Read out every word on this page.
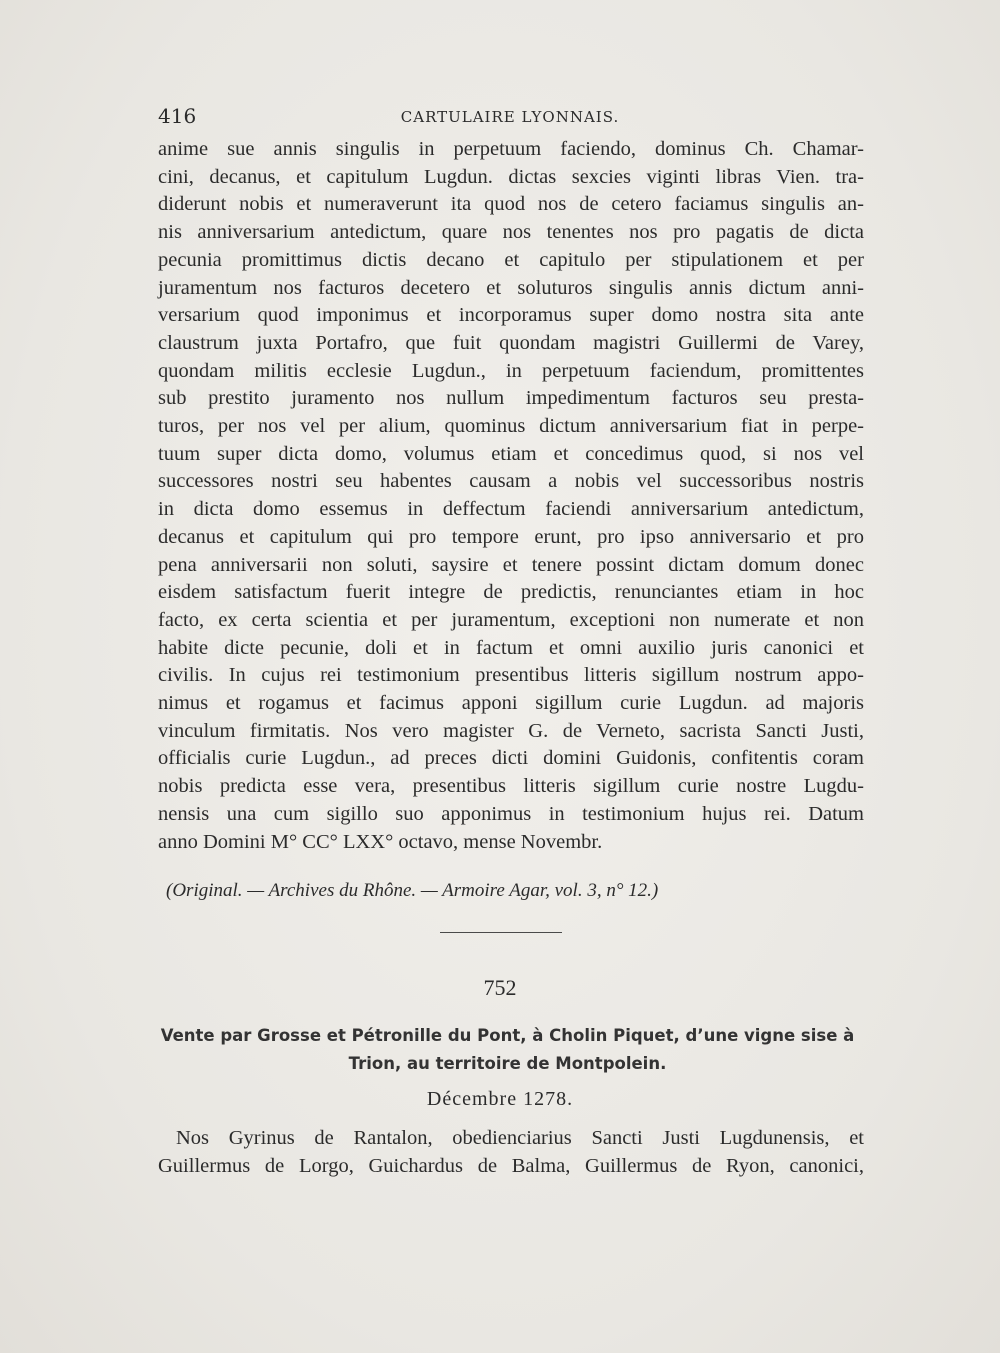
416	CARTULAIRE LYONNAIS.
anime sue annis singulis in perpetuum faciendo, dominus Ch. Chamar-
cini, decanus, et capitulum Lugdun. dictas sexcies viginti libras Vien. tra-
diderunt nobis et numeraverunt ita quod nos de cetero faciamus singulis an-
nis anniversarium antedictum, quare nos tenentes nos pro pagatis de dicta
pecunia promittimus dictis decano et capitulo per stipulationem et per
juramentum nos facturos decetero et soluturos singulis annis dictum anni-
versarium quod imponimus et incorporamus super domo nostra sita ante
claustrum juxta Portafro, que fuit quondam magistri Guillermi de Varey,
quondam militis ecclesie Lugdun., in perpetuum faciendum, promittentes
sub prestito juramento nos nullum impedimentum facturos seu presta-
turos, per nos vel per alium, quominus dictum anniversarium fiat in perpe-
tuum super dicta domo, volumus etiam et concedimus quod, si nos vel
successores nostri seu habentes causam a nobis vel successoribus nostris
in dicta domo essemus in deffectum faciendi anniversarium antedictum,
decanus et capitulum qui pro tempore erunt, pro ipso anniversario et pro
pena anniversarii non soluti, saysire et tenere possint dictam domum donec
eisdem satisfactum fuerit integre de predictis, renunciantes etiam in hoc
facto, ex certa scientia et per juramentum, exceptioni non numerate et non
habite dicte pecunie, doli et in factum et omni auxilio juris canonici et
civilis. In cujus rei testimonium presentibus litteris sigillum nostrum appo-
nimus et rogamus et facimus apponi sigillum curie Lugdun. ad majoris
vinculum firmitatis. Nos vero magister G. de Verneto, sacrista Sancti Justi,
officialis curie Lugdun., ad preces dicti domini Guidonis, confitentis coram
nobis predicta esse vera, presentibus litteris sigillum curie nostre Lugdu-
nensis una cum sigillo suo apponimus in testimonium hujus rei. Datum
anno Domini M° CC° LXX° octavo, mense Novembr.
(Original. — Archives du Rhône. — Armoire Agar, vol. 3, n° 12.)
752
Vente par Grosse et Pétronille du Pont, à Cholin Piquet, d’une vigne sise à
Trion, au territoire de Montpolein.
Décembre 1278.
Nos Gyrinus de Rantalon, obedienciarius Sancti Justi Lugdunensis, et
Guillermus de Lorgo, Guichardus de Balma, Guillermus de Ryon, canonici,
